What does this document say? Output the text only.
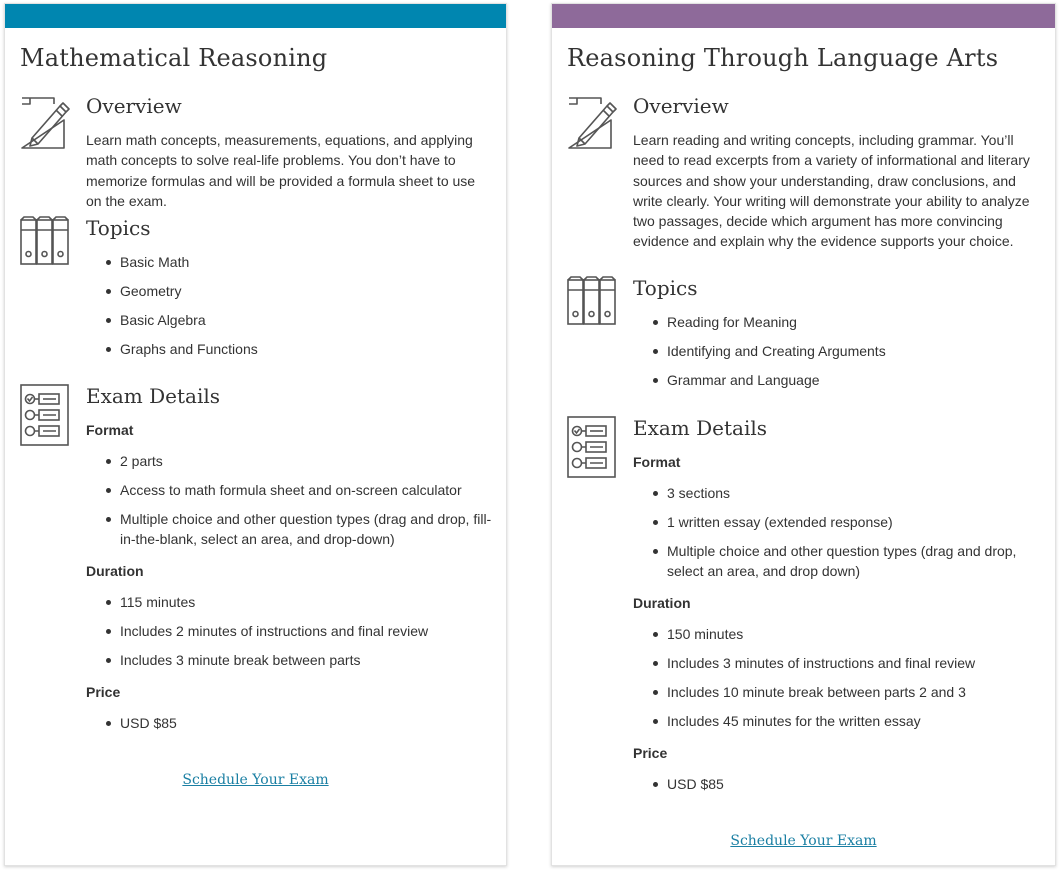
Mathematical Reasoning
Overview

Learn math concepts, measurements, equations, and applying math concepts to solve real-life problems. You don’t have to memorize formulas and will be provided a formula sheet to use on the exam.

Topics
Basic Math
Geometry
Basic Algebra
Graphs and Functions
Exam Details
Format
2 parts
Access to math formula sheet and on-screen calculator
Multiple choice and other question types (drag and drop, fill-in-the-blank, select an area, and drop-down)
Duration
115 minutes
Includes 2 minutes of instructions and final review
Includes 3 minute break between parts
Price
USD $85
Schedule Your Exam
Reasoning Through Language Arts
Overview

Learn reading and writing concepts, including grammar. You’ll need to read excerpts from a variety of informational and literary sources and show your understanding, draw conclusions, and write clearly. Your writing will demonstrate your ability to analyze two passages, decide which argument has more convincing evidence and explain why the evidence supports your choice.

Topics
Reading for Meaning
Identifying and Creating Arguments
Grammar and Language
Exam Details
Format
3 sections
1 written essay (extended response)
Multiple choice and other question types (drag and drop, select an area, and drop down)
Duration
150 minutes
Includes 3 minutes of instructions and final review
Includes 10 minute break between parts 2 and 3
Includes 45 minutes for the written essay
Price
USD $85
Schedule Your Exam
